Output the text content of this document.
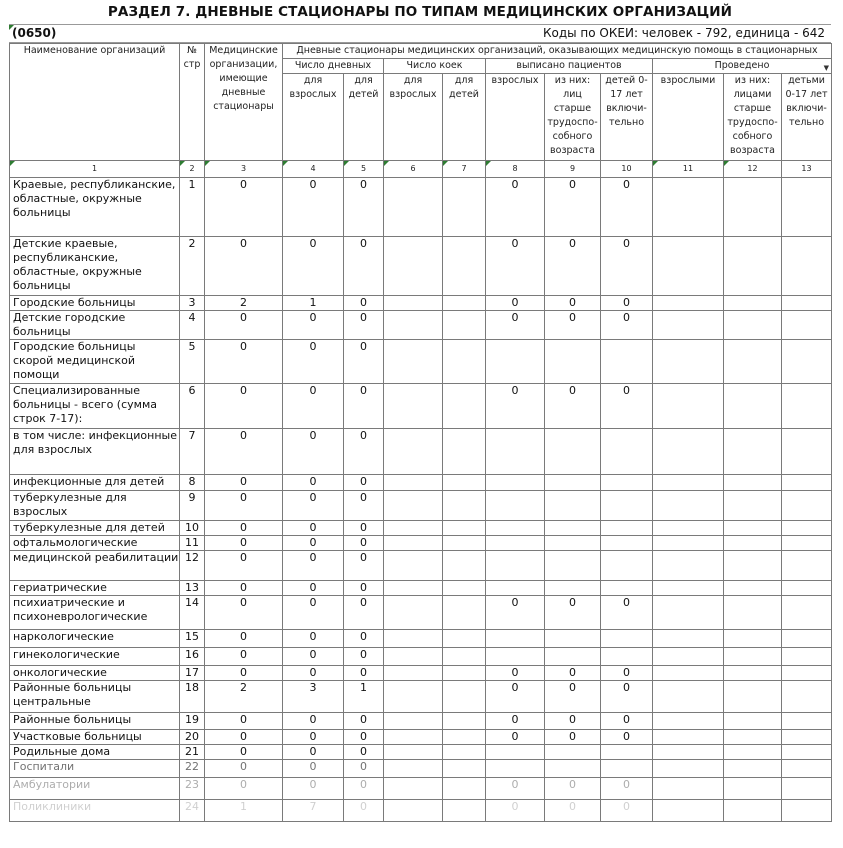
РАЗДЕЛ 7. ДНЕВНЫЕ СТАЦИОНАРЫ ПО ТИПАМ МЕДИЦИНСКИХ ОРГАНИЗАЦИЙ
(0650)	Коды по ОКЕИ: человек - 792, единица - 642
Наименование организаций	№ стр	Медицинские организации, имеющие дневные стационары	Дневные стационары медицинских организаций, оказывающих медицинскую помощь в стационарных									
			Число дневных		Число коек		выписано пациентов			Проведено ▼		

			для взрослых	для детей	для взрослых	для детей	взрослых	из них: лиц старше трудоспо-собного возраста	детей 0-17 лет включи-тельно	взрослыми	из них: лицами старше трудоспо-собного возраста	детьми 0-17 лет включи-тельно
1	2	3	4	5	6	7	8	9	10	11	12	13
Краевые, республиканские, областные, окружные больницы	1	0	0	0			0	0	0			
Детские краевые, республиканские, областные, окружные больницы	2	0	0	0			0	0	0			
Городские больницы	3	2	1	0			0	0	0			
Детские городские больницы	4	0	0	0			0	0	0			
Городские больницы скорой медицинской помощи	5	0	0	0								
Специализированные больницы - всего (сумма строк 7-17):	6	0	0	0			0	0	0			
в том числе: инфекционные для взрослых	7	0	0	0								
инфекционные для детей	8	0	0	0								
туберкулезные для взрослых	9	0	0	0								
туберкулезные для детей	10	0	0	0								
офтальмологические	11	0	0	0								
медицинской реабилитации	12	0	0	0								
гериатрические	13	0	0	0								
психиатрические и психоневрологические	14	0	0	0			0	0	0			
наркологические	15	0	0	0								
гинекологические	16	0	0	0								
онкологические	17	0	0	0			0	0	0			
Районные больницы центральные	18	2	3	1			0	0	0			
Районные больницы	19	0	0	0			0	0	0			
Участковые больницы	20	0	0	0			0	0	0			
Родильные дома	21	0	0	0								
Госпитали	22	0	0	0								
Амбулатории	23	0	0	0			0	0	0			
Поликлиники	24	1	7	0			0	0	0			
